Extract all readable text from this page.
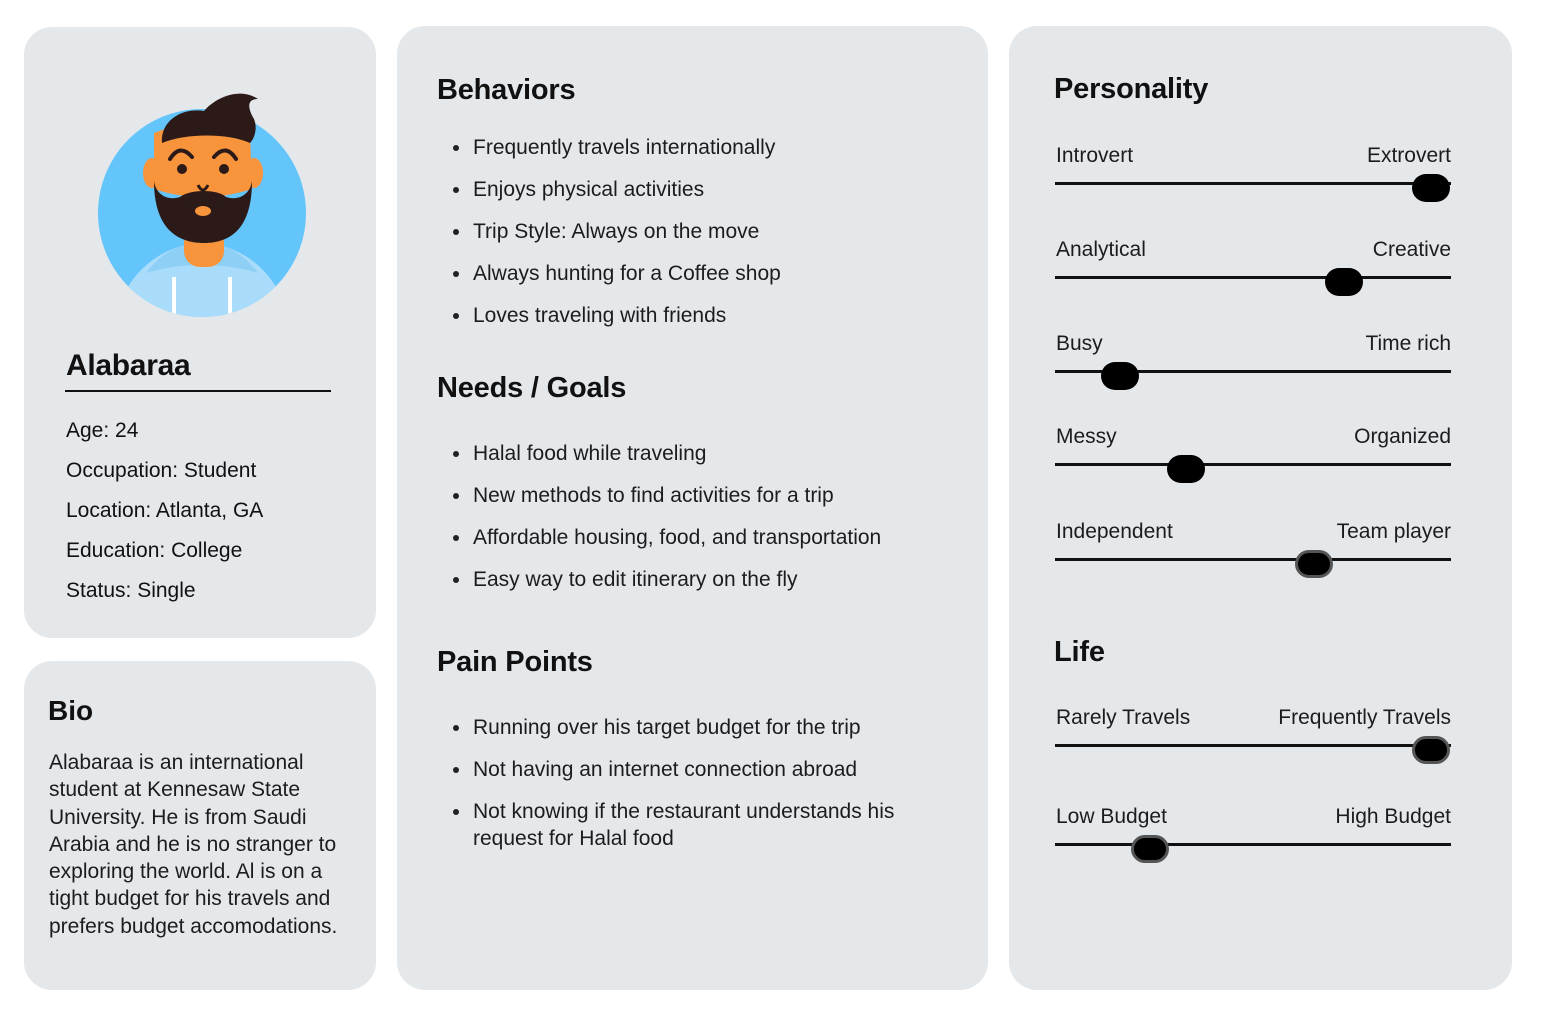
Alabaraa
Age: 24
Occupation: Student
Location: Atlanta, GA
Education: College
Status: Single
Bio

Alabaraa is an international student at Kennesaw State University. He is from Saudi Arabia and he is no stranger to exploring the world. Al is on a tight budget for his travels and prefers budget accomodations.

Behaviors
Frequently travels internationally
Enjoys physical activities
Trip Style: Always on the move
Always hunting for a Coffee shop
Loves traveling with friends
Needs / Goals
Halal food while traveling
New methods to find activities for a trip
Affordable housing, food, and transportation
Easy way to edit itinerary on the fly
Pain Points
Running over his target budget for the trip
Not having an internet connection abroad
Not knowing if the restaurant understands his request for Halal food
Personality
Introvert	Extrovert
Analytical	Creative
Busy	Time rich
Messy	Organized
Independent	Team player
Life
Rarely Travels	Frequently Travels
Low Budget	High Budget
